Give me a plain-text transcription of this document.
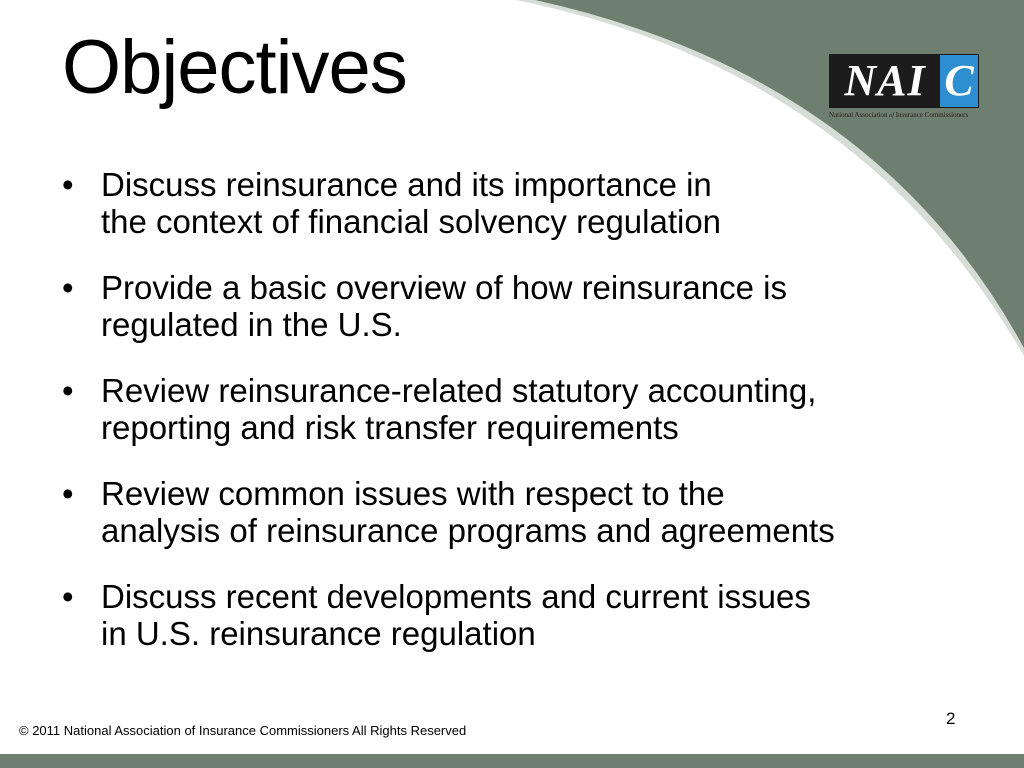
Objectives	NAI C
National Association of Insurance Commissioners
• Discuss reinsurance and its importance in
the context of financial solvency regulation
• Provide a basic overview of how reinsurance is
regulated in the U.S.
• Review reinsurance-related statutory accounting,
reporting and risk transfer requirements
• Review common issues with respect to the
analysis of reinsurance programs and agreements
• Discuss recent developments and current issues
in U.S. reinsurance regulation
2
© 2011 National Association of Insurance Commissioners All Rights Reserved
